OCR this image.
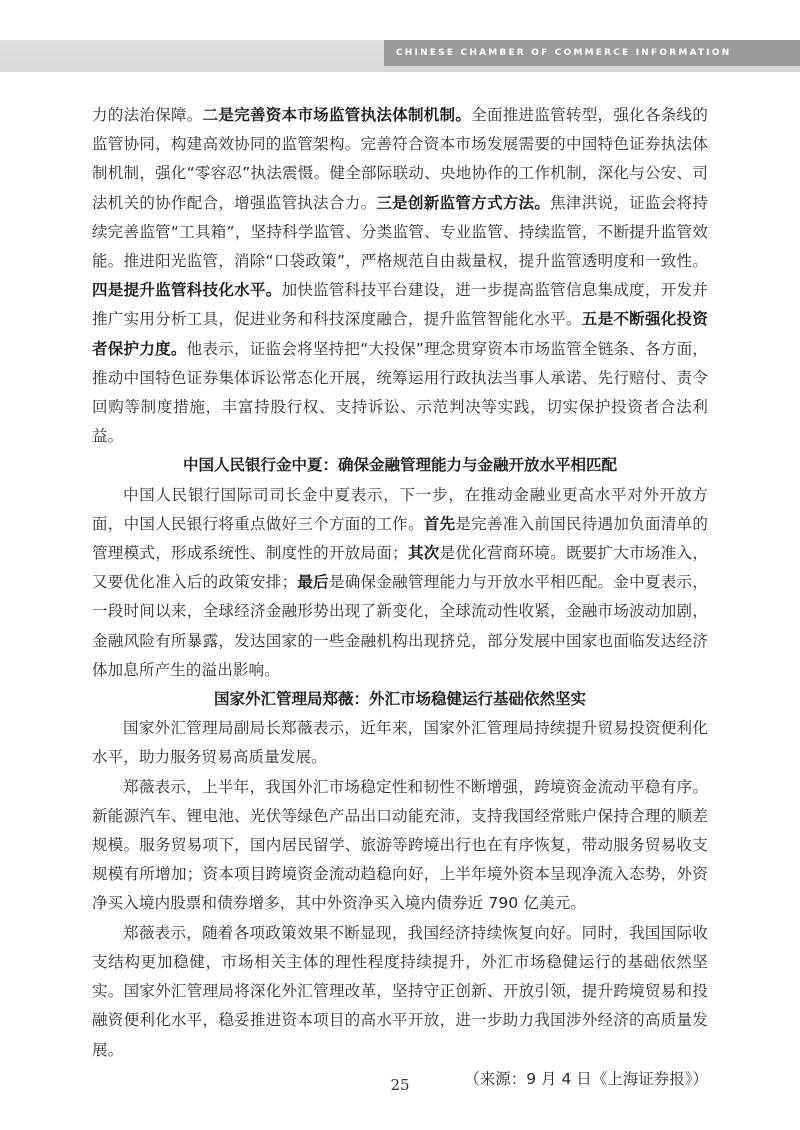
CHINESE CHAMBER OF COMMERCE INFORMATION

力的法治保障。二是完善资本市场监管执法体制机制。全面推进监管转型，强化各条线的监管协同，构建高效协同的监管架构。完善符合资本市场发展需要的中国特色证券执法体制机制，强化“零容忍”执法震慑。健全部际联动、央地协作的工作机制，深化与公安、司法机关的协作配合，增强监管执法合力。三是创新监管方式方法。焦津洪说，证监会将持续完善监管“工具箱”，坚持科学监管、分类监管、专业监管、持续监管，不断提升监管效能。推进阳光监管，消除“口袋政策”，严格规范自由裁量权，提升监管透明度和一致性。四是提升监管科技化水平。加快监管科技平台建设，进一步提高监管信息集成度，开发并推广实用分析工具，促进业务和科技深度融合，提升监管智能化水平。五是不断强化投资者保护力度。他表示，证监会将坚持把“大投保”理念贯穿资本市场监管全链条、各方面，推动中国特色证券集体诉讼常态化开展，统筹运用行政执法当事人承诺、先行赔付、责令回购等制度措施，丰富持股行权、支持诉讼、示范判决等实践，切实保护投资者合法利益。

中国人民银行金中夏：确保金融管理能力与金融开放水平相匹配

中国人民银行国际司司长金中夏表示，下一步，在推动金融业更高水平对外开放方面，中国人民银行将重点做好三个方面的工作。首先是完善准入前国民待遇加负面清单的管理模式，形成系统性、制度性的开放局面；其次是优化营商环境。既要扩大市场准入，又要优化准入后的政策安排；最后是确保金融管理能力与开放水平相匹配。金中夏表示，一段时间以来，全球经济金融形势出现了新变化，全球流动性收紧，金融市场波动加剧，金融风险有所暴露，发达国家的一些金融机构出现挤兑，部分发展中国家也面临发达经济体加息所产生的溢出影响。

国家外汇管理局郑薇：外汇市场稳健运行基础依然坚实

国家外汇管理局副局长郑薇表示，近年来，国家外汇管理局持续提升贸易投资便利化水平，助力服务贸易高质量发展。

郑薇表示，上半年，我国外汇市场稳定性和韧性不断增强，跨境资金流动平稳有序。新能源汽车、锂电池、光伏等绿色产品出口动能充沛，支持我国经常账户保持合理的顺差规模。服务贸易项下，国内居民留学、旅游等跨境出行也在有序恢复，带动服务贸易收支规模有所增加；资本项目跨境资金流动趋稳向好，上半年境外资本呈现净流入态势，外资净买入境内股票和债券增多，其中外资净买入境内债券近 790 亿美元。

郑薇表示，随着各项政策效果不断显现，我国经济持续恢复向好。同时，我国国际收支结构更加稳健，市场相关主体的理性程度持续提升，外汇市场稳健运行的基础依然坚实。国家外汇管理局将深化外汇管理改革，坚持守正创新、开放引领，提升跨境贸易和投融资便利化水平，稳妥推进资本项目的高水平开放，进一步助力我国涉外经济的高质量发展。

（来源：9 月 4 日《上海证券报》）

25
